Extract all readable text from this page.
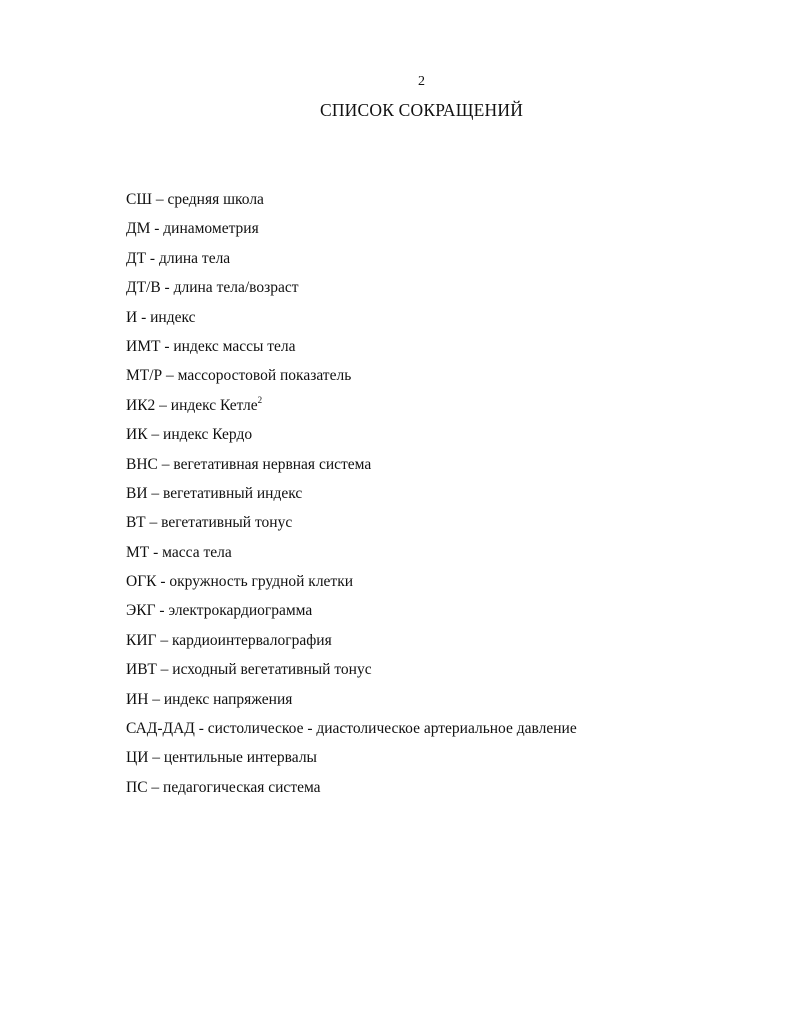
2
СПИСОК СОКРАЩЕНИЙ
СШ – средняя школа
ДМ - динамометрия
ДТ - длина тела
ДТ/В - длина тела/возраст
И - индекс
ИМТ - индекс массы тела
МТ/Р – массоростовой показатель
ИК2 – индекс Кетле$^2$
ИК – индекс Кердо
ВНС – вегетативная нервная система
ВИ – вегетативный индекс
ВТ – вегетативный тонус
МТ - масса тела
ОГК - окружность грудной клетки
ЭКГ - электрокардиограмма
КИГ – кардиоинтервалография
ИВТ – исходный вегетативный тонус
ИН – индекс напряжения
САД-ДАД - систолическое - диастолическое артериальное давление
ЦИ – центильные интервалы
ПС – педагогическая система
